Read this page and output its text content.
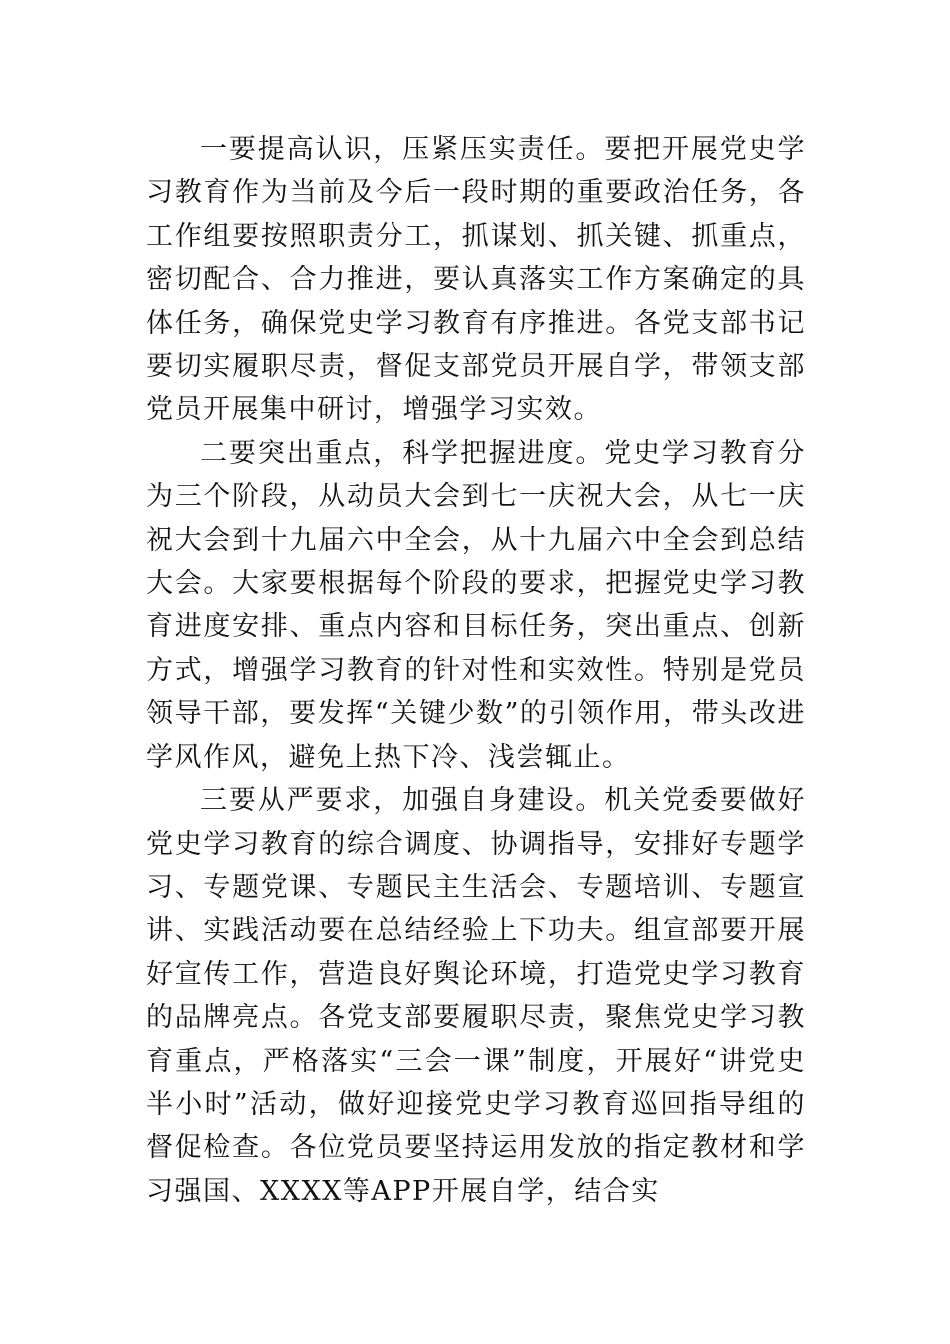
一要提高认识，压紧压实责任。要把开展党史学习教育作为当前及今后一段时期的重要政治任务，各工作组要按照职责分工，抓谋划、抓关键、抓重点，密切配合、合力推进，要认真落实工作方案确定的具体任务，确保党史学习教育有序推进。各党支部书记要切实履职尽责，督促支部党员开展自学，带领支部党员开展集中研讨，增强学习实效。

二要突出重点，科学把握进度。党史学习教育分为三个阶段，从动员大会到七一庆祝大会，从七一庆祝大会到十九届六中全会，从十九届六中全会到总结大会。大家要根据每个阶段的要求，把握党史学习教育进度安排、重点内容和目标任务，突出重点、创新方式，增强学习教育的针对性和实效性。特别是党员领导干部，要发挥“关键少数”的引领作用，带头改进学风作风，避免上热下冷、浅尝辄止。

三要从严要求，加强自身建设。机关党委要做好党史学习教育的综合调度、协调指导，安排好专题学习、专题党课、专题民主生活会、专题培训、专题宣讲、实践活动要在总结经验上下功夫。组宣部要开展好宣传工作，营造良好舆论环境，打造党史学习教育的品牌亮点。各党支部要履职尽责，聚焦党史学习教育重点，严格落实“三会一课”制度，开展好“讲党史半小时”活动，做好迎接党史学习教育巡回指导组的督促检查。各位党员要坚持运用发放的指定教材和学习强国、XXXX等APP开展自学，结合实
